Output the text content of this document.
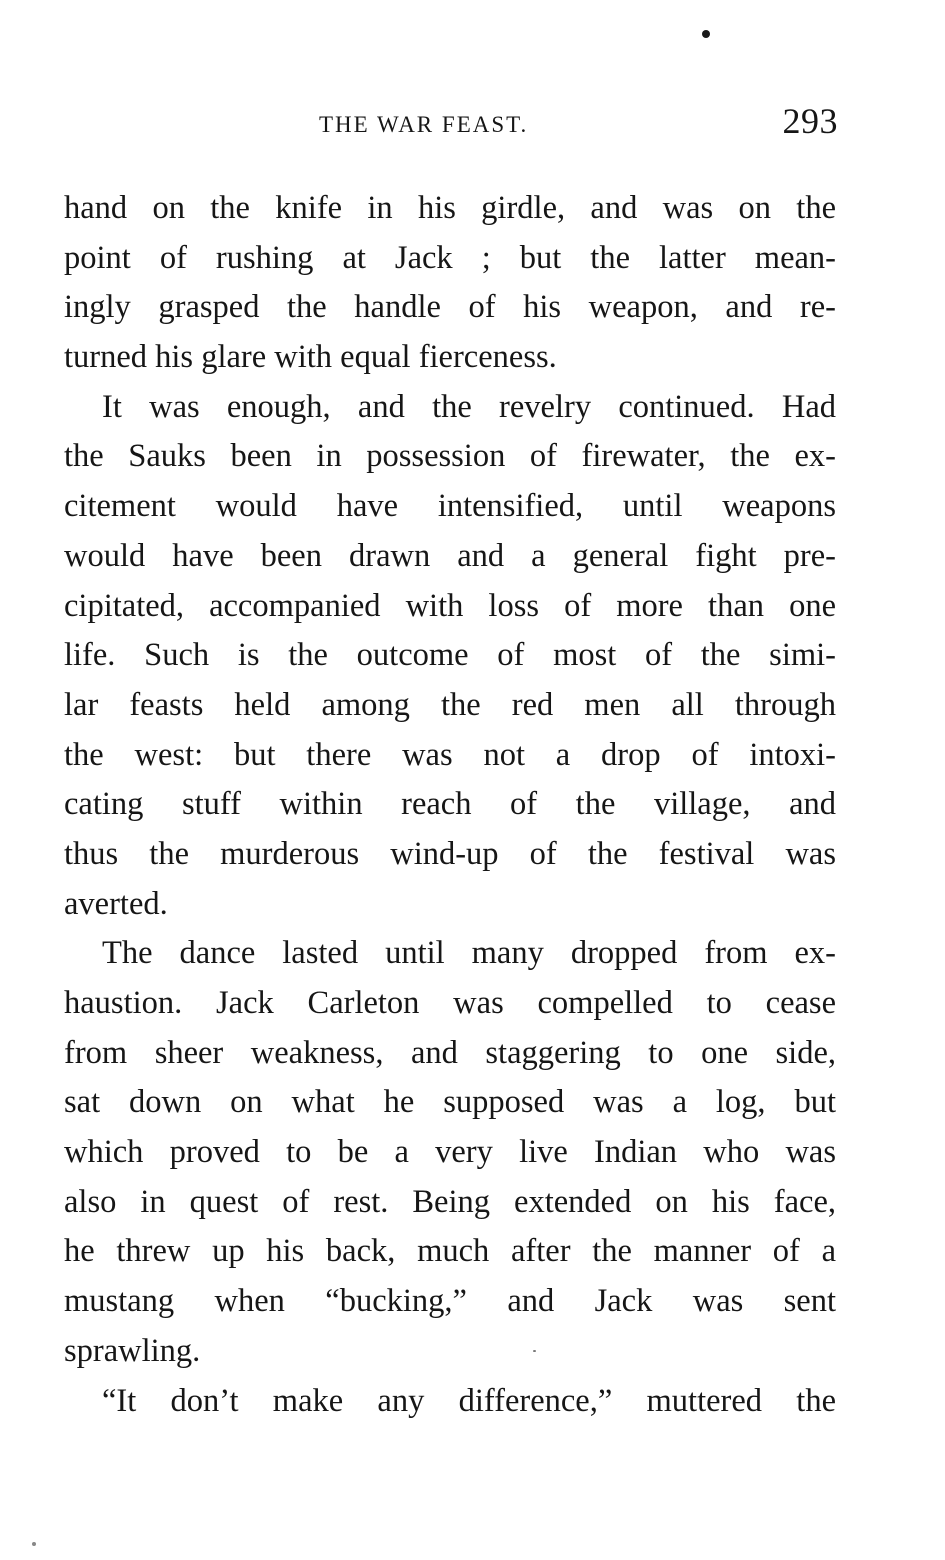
THE WAR FEAST.	293
hand on the knife in his girdle, and was on the
point of rushing at Jack ; but the latter mean-
ingly grasped the handle of his weapon, and re-
turned his glare with equal fierceness.
It was enough, and the revelry continued. Had
the Sauks been in possession of firewater, the ex-
citement would have intensified, until weapons
would have been drawn and a general fight pre-
cipitated, accompanied with loss of more than one
life. Such is the outcome of most of the simi-
lar feasts held among the red men all through
the west: but there was not a drop of intoxi-
cating stuff within reach of the village, and
thus the murderous wind-up of the festival was
averted.
The dance lasted until many dropped from ex-
haustion. Jack Carleton was compelled to cease
from sheer weakness, and staggering to one side,
sat down on what he supposed was a log, but
which proved to be a very live Indian who was
also in quest of rest. Being extended on his face,
he threw up his back, much after the manner of a
mustang when “bucking,” and Jack was sent
sprawling.
“It don’t make any difference,” muttered the
